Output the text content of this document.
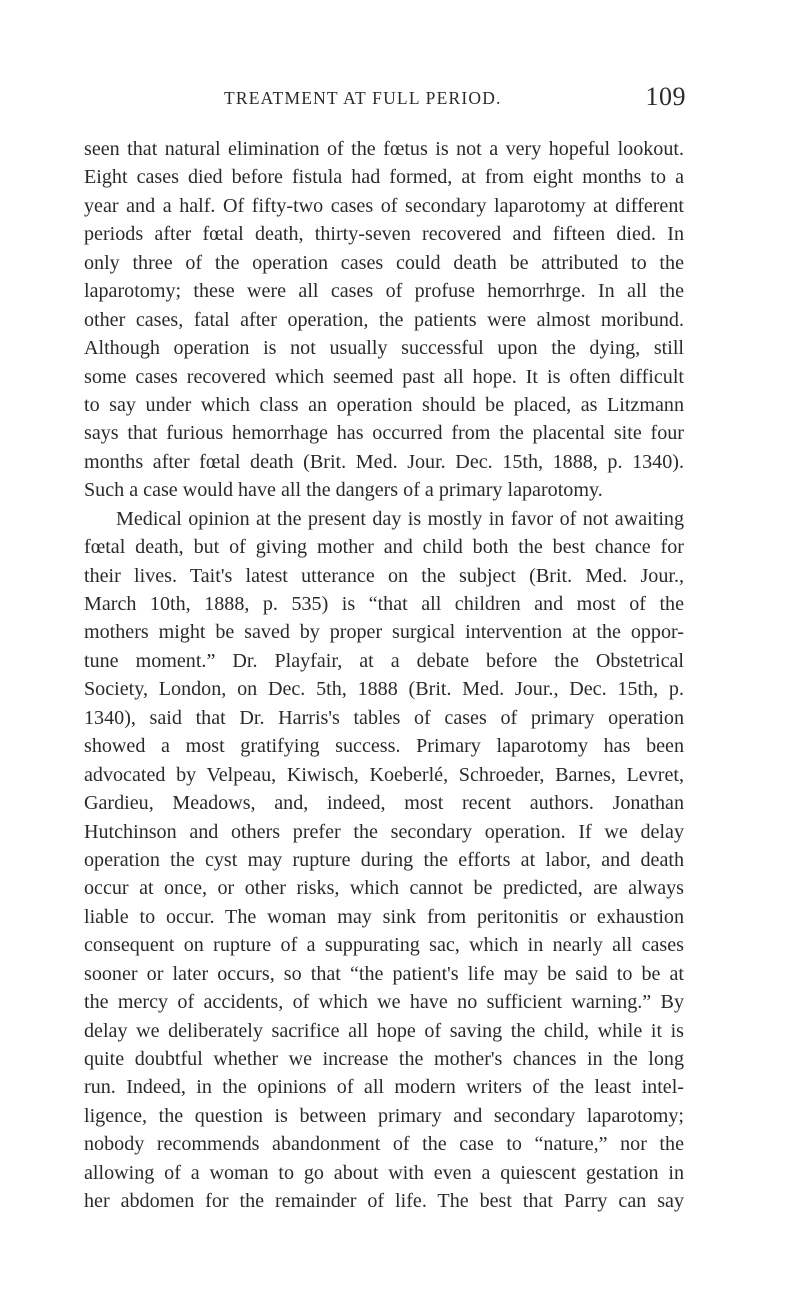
TREATMENT AT FULL PERIOD.	109
seen that natural elimination of the fœtus is not a very hopeful lookout.
Eight cases died before fistula had formed, at from eight months to a
year and a half. Of fifty-two cases of secondary laparotomy at different
periods after fœtal death, thirty-seven recovered and fifteen died. In
only three of the operation cases could death be attributed to the
laparotomy; these were all cases of profuse hemorrhrge. In all the
other cases, fatal after operation, the patients were almost moribund.
Although operation is not usually successful upon the dying, still
some cases recovered which seemed past all hope. It is often difficult
to say under which class an operation should be placed, as Litzmann
says that furious hemorrhage has occurred from the placental site four
months after fœtal death (Brit. Med. Jour. Dec. 15th, 1888, p. 1340).
Such a case would have all the dangers of a primary laparotomy.
Medical opinion at the present day is mostly in favor of not awaiting
fœtal death, but of giving mother and child both the best chance for
their lives. Tait's latest utterance on the subject (Brit. Med. Jour.,
March 10th, 1888, p. 535) is “that all children and most of the
mothers might be saved by proper surgical intervention at the oppor-
tune moment.” Dr. Playfair, at a debate before the Obstetrical
Society, London, on Dec. 5th, 1888 (Brit. Med. Jour., Dec. 15th, p.
1340), said that Dr. Harris's tables of cases of primary operation
showed a most gratifying success. Primary laparotomy has been
advocated by Velpeau, Kiwisch, Koeberlé, Schroeder, Barnes, Levret,
Gardieu, Meadows, and, indeed, most recent authors. Jonathan
Hutchinson and others prefer the secondary operation. If we delay
operation the cyst may rupture during the efforts at labor, and death
occur at once, or other risks, which cannot be predicted, are always
liable to occur. The woman may sink from peritonitis or exhaustion
consequent on rupture of a suppurating sac, which in nearly all cases
sooner or later occurs, so that “the patient's life may be said to be at
the mercy of accidents, of which we have no sufficient warning.” By
delay we deliberately sacrifice all hope of saving the child, while it is
quite doubtful whether we increase the mother's chances in the long
run. Indeed, in the opinions of all modern writers of the least intel-
ligence, the question is between primary and secondary laparotomy;
nobody recommends abandonment of the case to “nature,” nor the
allowing of a woman to go about with even a quiescent gestation in
her abdomen for the remainder of life. The best that Parry can say
